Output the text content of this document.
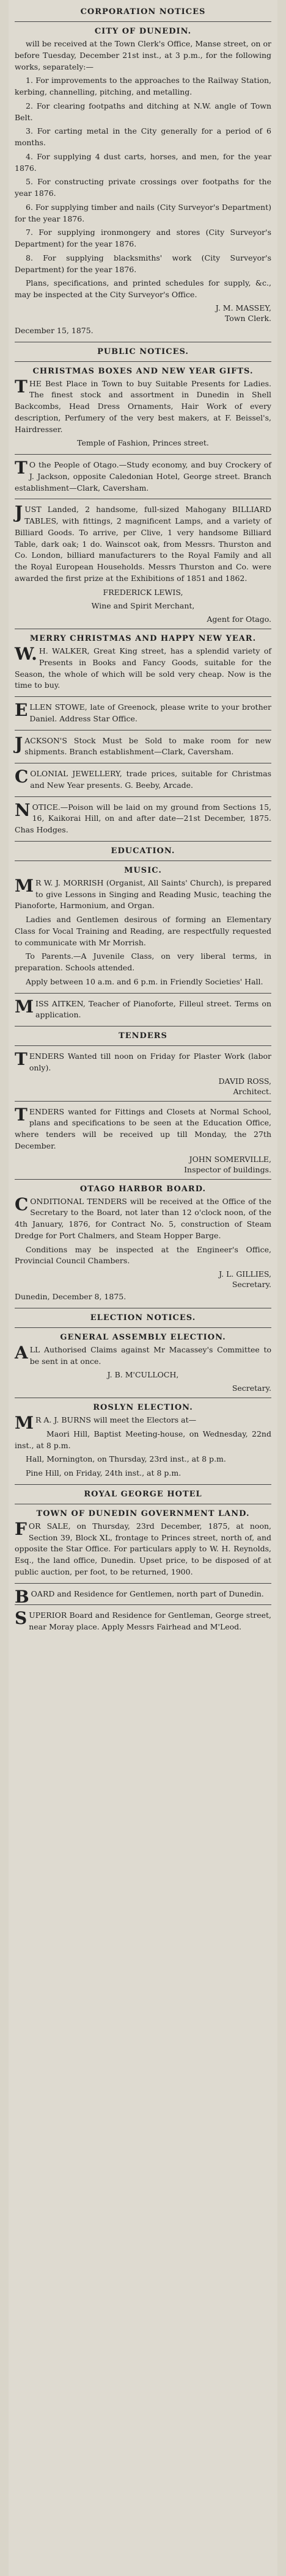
CORPORATION NOTICES
CITY OF DUNEDIN.
will be received at the Town Clerk's Office, Manse street, on or before Tuesday, December 21st inst., at 3 p.m., for the following works, separately:—
1. For improvements to the approaches to the Railway Station, kerbing, channelling, pitching, and metalling.
2. For clearing footpaths and ditching at N.W. angle of Town Belt.
3. For carting metal in the City generally for a period of 6 months.
4. For supplying 4 dust carts, horses, and men, for the year 1876.
5. For constructing private crossings over footpaths for the year 1876.
6. For supplying timber and nails (City Surveyor's Department) for the year 1876.
7. For supplying ironmongery and stores (City Surveyor's Department) for the year 1876.
8. For supplying blacksmiths' work (City Surveyor's Department) for the year 1876.
Plans, specifications, and printed schedules for supply, &c., may be inspected at the City Surveyor's Office.
J. M. MASSEY,
Town Clerk.
December 15, 1875.
PUBLIC NOTICES.
CHRISTMAS BOXES AND NEW YEAR GIFTS.
THE Best Place in Town to buy Suitable Presents for Ladies. The finest stock and assortment in Dunedin in Shell Backcombs, Head Dress Ornaments, Hair Work of every description, Perfumery of the very best makers, at F. Beissel's, Hairdresser.
Temple of Fashion, Princes street.
TO the People of Otago.—Study economy, and buy Crockery of J. Jackson, opposite Caledonian Hotel, George street. Branch establishment—Clark, Caversham.
JUST Landed, 2 handsome, full-sized Mahogany BILLIARD TABLES, with fittings, 2 magnificent Lamps, and a variety of Billiard Goods. To arrive, per Clive, 1 very handsome Billiard Table, dark oak; 1 do. Wainscot oak, from Messrs. Thurston and Co. London, billiard manufacturers to the Royal Family and all the Royal European Households. Messrs Thurston and Co. were awarded the first prize at the Exhibitions of 1851 and 1862.
FREDERICK LEWIS,
Wine and Spirit Merchant,
Agent for Otago.
MERRY CHRISTMAS AND HAPPY NEW YEAR.
W.H. WALKER, Great King street, has a splendid variety of Presents in Books and Fancy Goods, suitable for the Season, the whole of which will be sold very cheap. Now is the time to buy.
ELLEN STOWE, late of Greenock, please write to your brother Daniel. Address Star Office.
JACKSON'S Stock Must be Sold to make room for new shipments. Branch establishment—Clark, Caversham.
COLONIAL JEWELLERY, trade prices, suitable for Christmas and New Year presents. G. Beeby, Arcade.
NOTICE.—Poison will be laid on my ground from Sections 15, 16, Kaikorai Hill, on and after date—21st December, 1875. Chas Hodges.
EDUCATION.
MUSIC.
MR W. J. MORRISH (Organist, All Saints' Church), is prepared to give Lessons in Singing and Reading Music, teaching the Pianoforte, Harmonium, and Organ.
Ladies and Gentlemen desirous of forming an Elementary Class for Vocal Training and Reading, are respectfully requested to communicate with Mr Morrish.
To Parents.—A Juvenile Class, on very liberal terms, in preparation. Schools attended.
Apply between 10 a.m. and 6 p.m. in Friendly Societies' Hall.
MISS AITKEN, Teacher of Pianoforte, Filleul street. Terms on application.
TENDERS
TENDERS Wanted till noon on Friday for Plaster Work (labor only).
DAVID ROSS,
Architect.
TENDERS wanted for Fittings and Closets at Normal School, plans and specifications to be seen at the Education Office, where tenders will be received up till Monday, the 27th December.
JOHN SOMERVILLE,
Inspector of buildings.
OTAGO HARBOR BOARD.
CONDITIONAL TENDERS will be received at the Office of the Secretary to the Board, not later than 12 o'clock noon, of the 4th January, 1876, for Contract No. 5, construction of Steam Dredge for Port Chalmers, and Steam Hopper Barge.
Conditions may be inspected at the Engineer's Office, Provincial Council Chambers.
J. L. GILLIES,
Secretary.
Dunedin, December 8, 1875.
ELECTION NOTICES.
GENERAL ASSEMBLY ELECTION.
ALL Authorised Claims against Mr Macassey's Committee to be sent in at once.
J. B. M'CULLOCH,
Secretary.
ROSLYN ELECTION.
MR A. J. BURNS will meet the Electors at—
Maori Hill, Baptist Meeting-house, on Wednesday, 22nd inst., at 8 p.m.
Hall, Mornington, on Thursday, 23rd inst., at 8 p.m.
Pine Hill, on Friday, 24th inst., at 8 p.m.
ROYAL GEORGE HOTEL
TOWN OF DUNEDIN GOVERNMENT LAND.
FOR SALE, on Thursday, 23rd December, 1875, at noon, Section 39, Block XL, frontage to Princes street, north of, and opposite the Star Office. For particulars apply to W. H. Reynolds, Esq., the land office, Dunedin. Upset price, to be disposed of at public auction, per foot, to be returned, 1900.
BOARD and Residence for Gentlemen, north part of Dunedin.
SUPERIOR Board and Residence for Gentleman, George street, near Moray place. Apply Messrs Fairhead and M'Leod.
